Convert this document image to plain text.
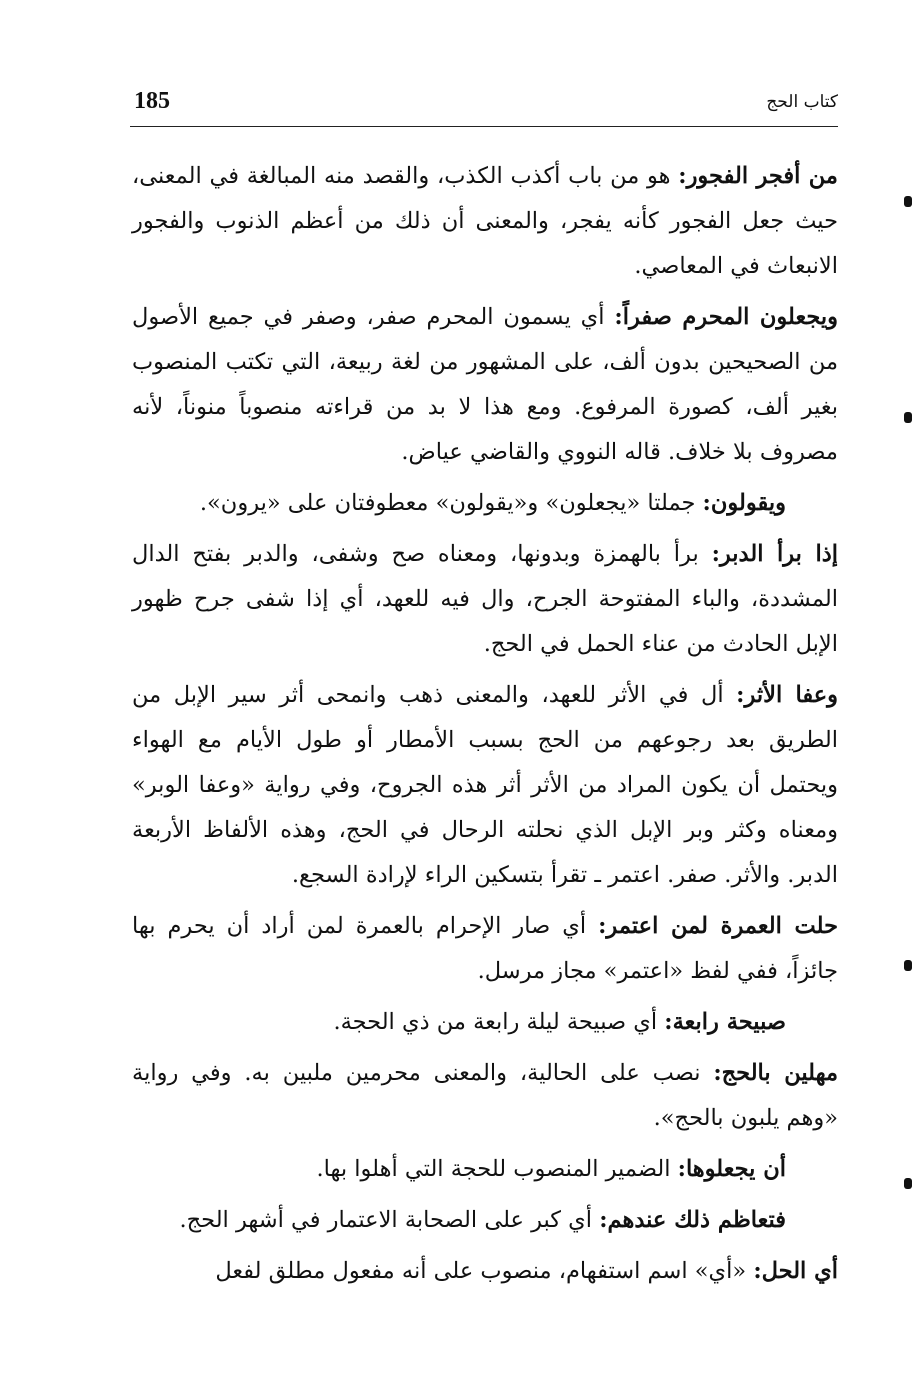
185	كتاب الحج

من أفجر الفجور: هو من باب أكذب الكذب، والقصد منه المبالغة في المعنى، حيث جعل الفجور كأنه يفجر، والمعنى أن ذلك من أعظم الذنوب والفجور الانبعاث في المعاصي.

ويجعلون المحرم صفراً: أي يسمون المحرم صفر، وصفر في جميع الأصول من الصحيحين بدون ألف، على المشهور من لغة ربيعة، التي تكتب المنصوب بغير ألف، كصورة المرفوع. ومع هذا لا بد من قراءته منصوباً منوناً، لأنه مصروف بلا خلاف. قاله النووي والقاضي عياض.

ويقولون: جملتا «يجعلون» و«يقولون» معطوفتان على «يرون».

إذا برأ الدبر: برأ بالهمزة وبدونها، ومعناه صح وشفى، والدبر بفتح الدال المشددة، والباء المفتوحة الجرح، وال فيه للعهد، أي إذا شفى جرح ظهور الإبل الحادث من عناء الحمل في الحج.

وعفا الأثر: أل في الأثر للعهد، والمعنى ذهب وانمحى أثر سير الإبل من الطريق بعد رجوعهم من الحج بسبب الأمطار أو طول الأيام مع الهواء ويحتمل أن يكون المراد من الأثر أثر هذه الجروح، وفي رواية «وعفا الوبر» ومعناه وكثر وبر الإبل الذي نحلته الرحال في الحج، وهذه الألفاظ الأربعة الدبر. والأثر. صفر. اعتمر ـ تقرأ بتسكين الراء لإرادة السجع.

حلت العمرة لمن اعتمر: أي صار الإحرام بالعمرة لمن أراد أن يحرم بها جائزاً، ففي لفظ «اعتمر» مجاز مرسل.

صبيحة رابعة: أي صبيحة ليلة رابعة من ذي الحجة.

مهلين بالحج: نصب على الحالية، والمعنى محرمين ملبين به. وفي رواية «وهم يلبون بالحج».

أن يجعلوها: الضمير المنصوب للحجة التي أهلوا بها.

فتعاظم ذلك عندهم: أي كبر على الصحابة الاعتمار في أشهر الحج.

أي الحل: «أي» اسم استفهام، منصوب على أنه مفعول مطلق لفعل
